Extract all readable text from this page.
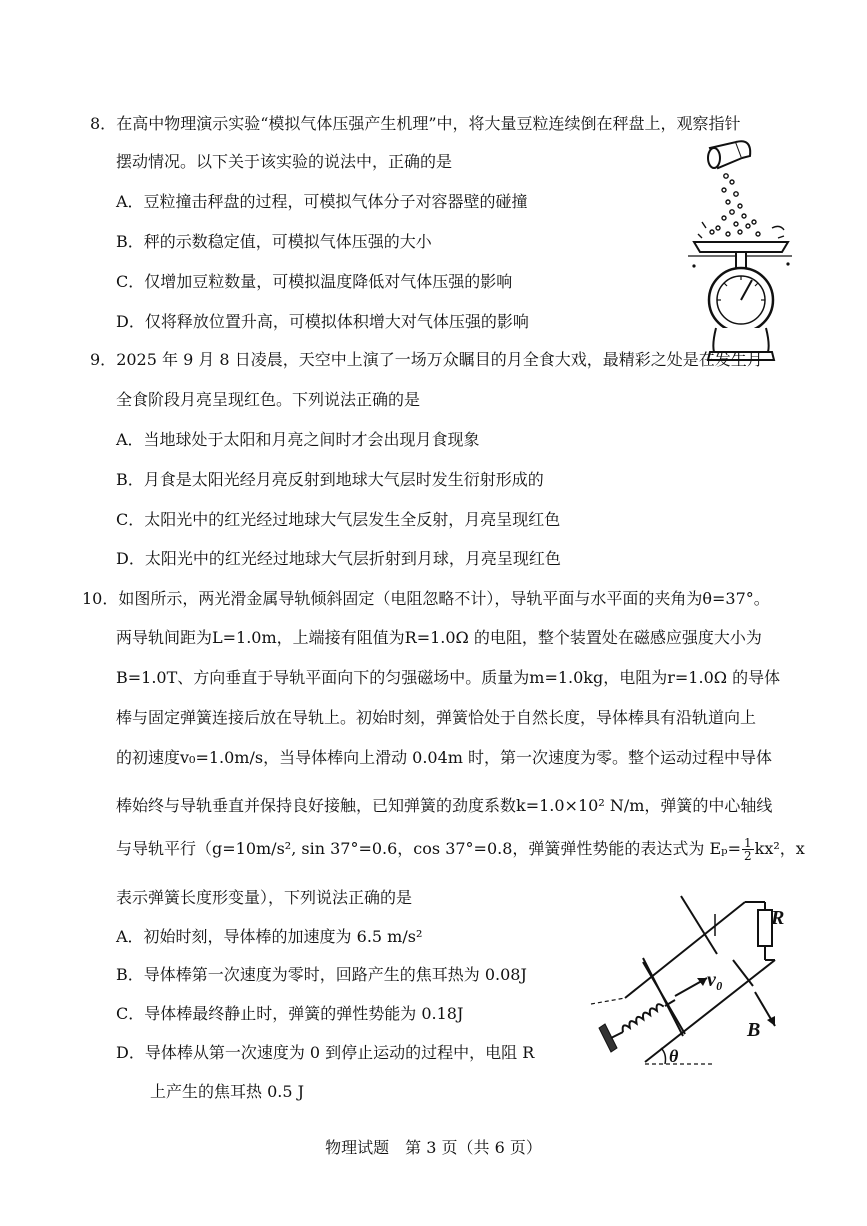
8．在高中物理演示实验“模拟气体压强产生机理”中，将大量豆粒连续倒在秤盘上，观察指针
摆动情况。以下关于该实验的说法中，正确的是
A．豆粒撞击秤盘的过程，可模拟气体分子对容器壁的碰撞
B．秤的示数稳定值，可模拟气体压强的大小
C．仅增加豆粒数量，可模拟温度降低对气体压强的影响
D．仅将释放位置升高，可模拟体积增大对气体压强的影响
9．2025 年 9 月 8 日凌晨，天空中上演了一场万众瞩目的月全食大戏，最精彩之处是在发生月
全食阶段月亮呈现红色。下列说法正确的是
A．当地球处于太阳和月亮之间时才会出现月食现象
B．月食是太阳光经月亮反射到地球大气层时发生衍射形成的
C．太阳光中的红光经过地球大气层发生全反射，月亮呈现红色
D．太阳光中的红光经过地球大气层折射到月球，月亮呈现红色
10．如图所示，两光滑金属导轨倾斜固定（电阻忽略不计），导轨平面与水平面的夹角为θ=37°。
两导轨间距为L=1.0m，上端接有阻值为R=1.0Ω 的电阻，整个装置处在磁感应强度大小为
B=1.0T、方向垂直于导轨平面向下的匀强磁场中。质量为m=1.0kg，电阻为r=1.0Ω 的导体
棒与固定弹簧连接后放在导轨上。初始时刻，弹簧恰处于自然长度，导体棒具有沿轨道向上
的初速度v₀=1.0m/s，当导体棒向上滑动 0.04m 时，第一次速度为零。整个运动过程中导体
棒始终与导轨垂直并保持良好接触，已知弹簧的劲度系数k=1.0×10² N/m，弹簧的中心轴线
与导轨平行（g=10m/s², sin 37°=0.6，cos 37°=0.8，弹簧弹性势能的表达式为 $E_p= \frac{1}{2} kx^2$，x
表示弹簧长度形变量），下列说法正确的是
A．初始时刻，导体棒的加速度为 6.5 m/s²
B．导体棒第一次速度为零时，回路产生的焦耳热为 0.08J
C．导体棒最终静止时，弹簧的弹性势能为 0.18J
D．导体棒从第一次速度为 0 到停止运动的过程中，电阻 R
上产生的焦耳热 0.5 J
R
v₀
B
θ
物理试题　第 3 页（共 6 页）
